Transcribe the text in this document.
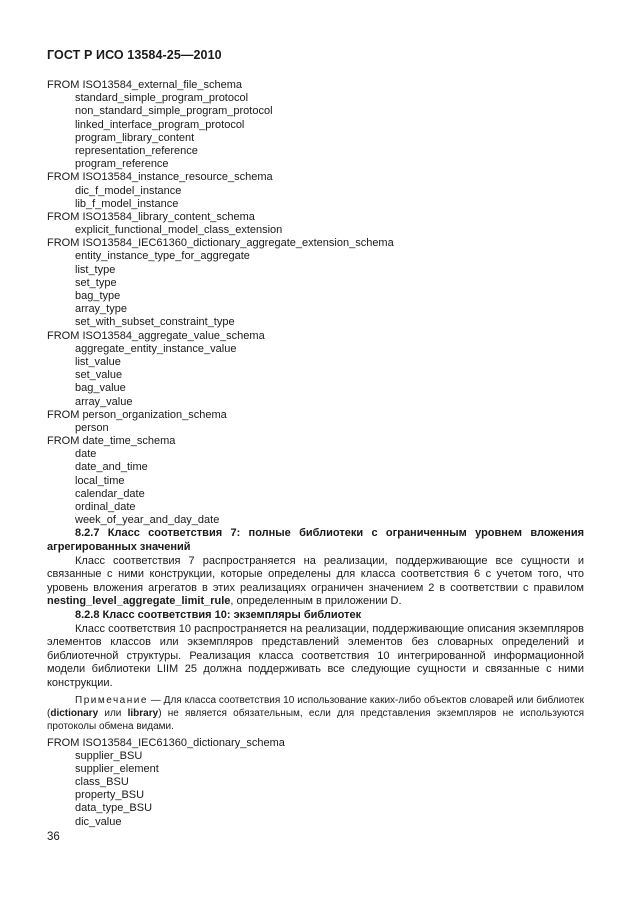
ГОСТ Р ИСО 13584-25—2010
FROM ISO13584_external_file_schema
standard_simple_program_protocol
non_standard_simple_program_protocol
linked_interface_program_protocol
program_library_content
representation_reference
program_reference
FROM ISO13584_instance_resource_schema
dic_f_model_instance
lib_f_model_instance
FROM ISO13584_library_content_schema
explicit_functional_model_class_extension
FROM ISO13584_IEC61360_dictionary_aggregate_extension_schema
entity_instance_type_for_aggregate
list_type
set_type
bag_type
array_type
set_with_subset_constraint_type
FROM ISO13584_aggregate_value_schema
aggregate_entity_instance_value
list_value
set_value
bag_value
array_value
FROM person_organization_schema
person
FROM date_time_schema
date
date_and_time
local_time
calendar_date
ordinal_date
week_of_year_and_day_date
8.2.7 Класс соответствия 7: полные библиотеки с ограниченным уровнем вложения агрегированных значений
Класс соответствия 7 распространяется на реализации, поддерживающие все сущности и связанные с ними конструкции, которые определены для класса соответствия 6 с учетом того, что уровень вложения агрегатов в этих реализациях ограничен значением 2 в соответствии с правилом nesting_level_aggregate_limit_rule, определенным в приложении D.
8.2.8 Класс соответствия 10: экземпляры библиотек
Класс соответствия 10 распространяется на реализации, поддерживающие описания экземпляров элементов классов или экземпляров представлений элементов без словарных определений и библиотечной структуры. Реализация класса соответствия 10 интегрированной информационной модели библиотеки LIIM 25 должна поддерживать все следующие сущности и связанные с ними конструкции.
Примечание — Для класса соответствия 10 использование каких-либо объектов словарей или библиотек (dictionary или library) не является обязательным, если для представления экземпляров не используются протоколы обмена видами.
FROM ISO13584_IEC61360_dictionary_schema
supplier_BSU
supplier_element
class_BSU
property_BSU
data_type_BSU
dic_value
36
